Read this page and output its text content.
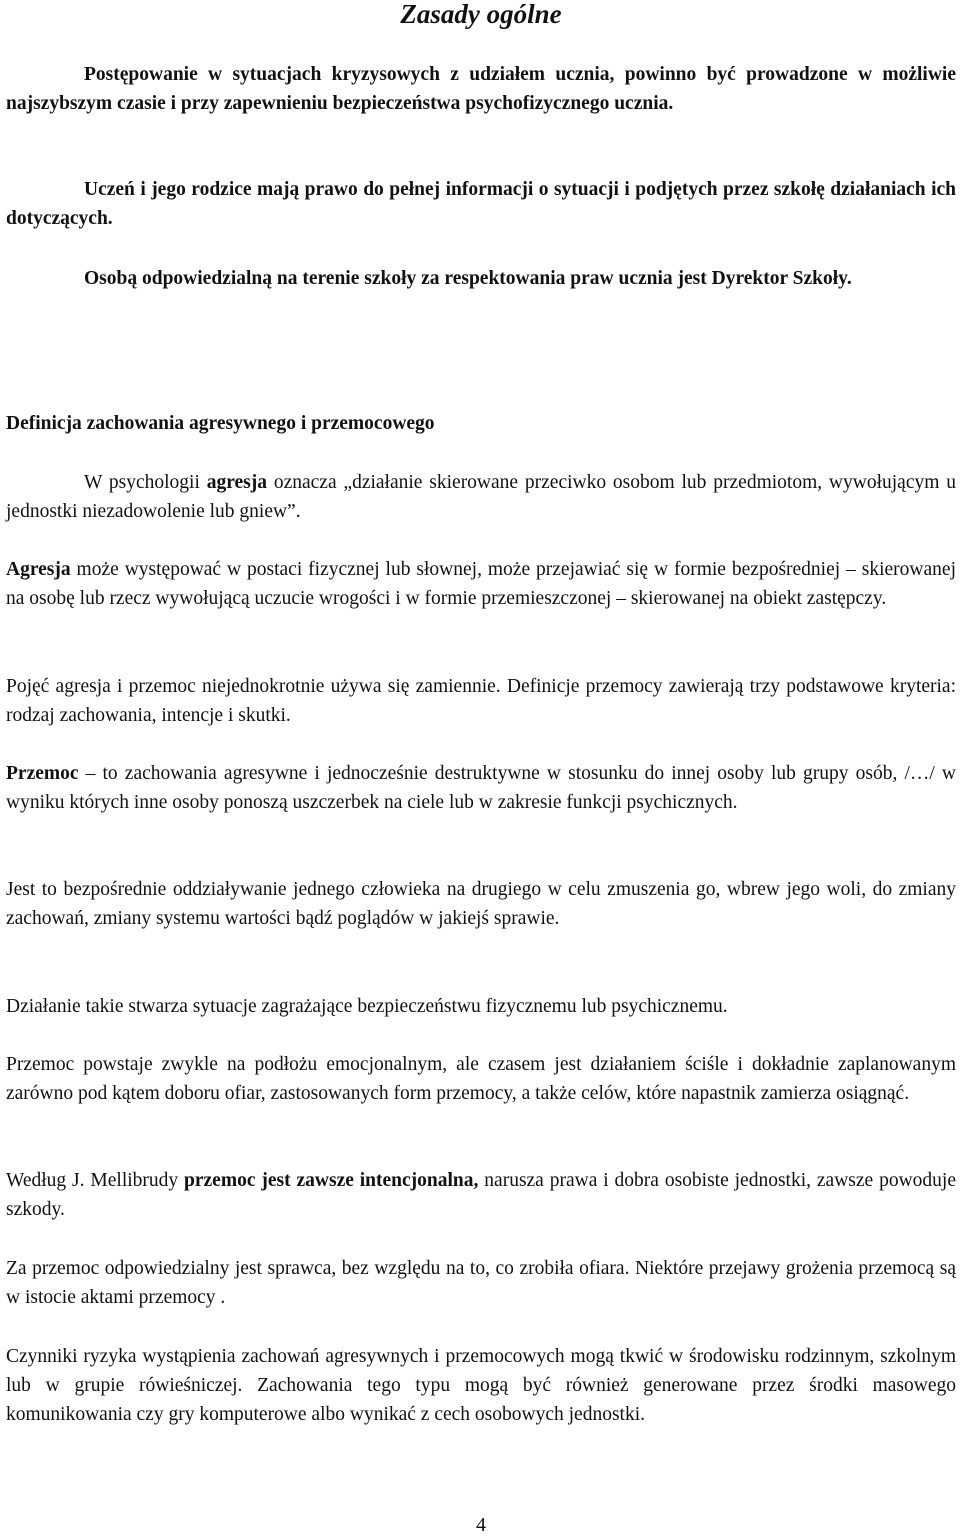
Zasady ogólne

Postępowanie w sytuacjach kryzysowych z udziałem ucznia, powinno być prowadzone w możliwie najszybszym czasie i przy zapewnieniu bezpieczeństwa psychofizycznego ucznia.

Uczeń i jego rodzice mają prawo do pełnej informacji o sytuacji i podjętych przez szkołę działaniach ich dotyczących.

Osobą odpowiedzialną na terenie szkoły za respektowania praw ucznia jest Dyrektor Szkoły.

Definicja zachowania agresywnego i przemocowego

W psychologii agresja oznacza „działanie skierowane przeciwko osobom lub przedmiotom, wywołującym u jednostki niezadowolenie lub gniew”.

Agresja może występować w postaci fizycznej lub słownej, może przejawiać się w formie bezpośredniej – skierowanej na osobę lub rzecz wywołującą uczucie wrogości i w formie przemieszczonej – skierowanej na obiekt zastępczy.

Pojęć agresja i przemoc niejednokrotnie używa się zamiennie. Definicje przemocy zawierają trzy podstawowe kryteria: rodzaj zachowania, intencje i skutki.

Przemoc – to zachowania agresywne i jednocześnie destruktywne w stosunku do innej osoby lub grupy osób, /…/ w wyniku których inne osoby ponoszą uszczerbek na ciele lub w zakresie funkcji psychicznych.

Jest to bezpośrednie oddziaływanie jednego człowieka na drugiego w celu zmuszenia go, wbrew jego woli, do zmiany zachowań, zmiany systemu wartości bądź poglądów w jakiejś sprawie.

Działanie takie stwarza sytuacje zagrażające bezpieczeństwu fizycznemu lub psychicznemu.

Przemoc powstaje zwykle na podłożu emocjonalnym, ale czasem jest działaniem ściśle i dokładnie zaplanowanym zarówno pod kątem doboru ofiar, zastosowanych form przemocy, a także celów, które napastnik zamierza osiągnąć.

Według J. Mellibrudy przemoc jest zawsze intencjonalna, narusza prawa i dobra osobiste jednostki, zawsze powoduje szkody.

Za przemoc odpowiedzialny jest sprawca, bez względu na to, co zrobiła ofiara. Niektóre przejawy grożenia przemocą są w istocie aktami przemocy .

Czynniki ryzyka wystąpienia zachowań agresywnych i przemocowych mogą tkwić w środowisku rodzinnym, szkolnym lub w grupie rówieśniczej. Zachowania tego typu mogą być również generowane przez środki masowego komunikowania czy gry komputerowe albo wynikać z cech osobowych jednostki.

4
